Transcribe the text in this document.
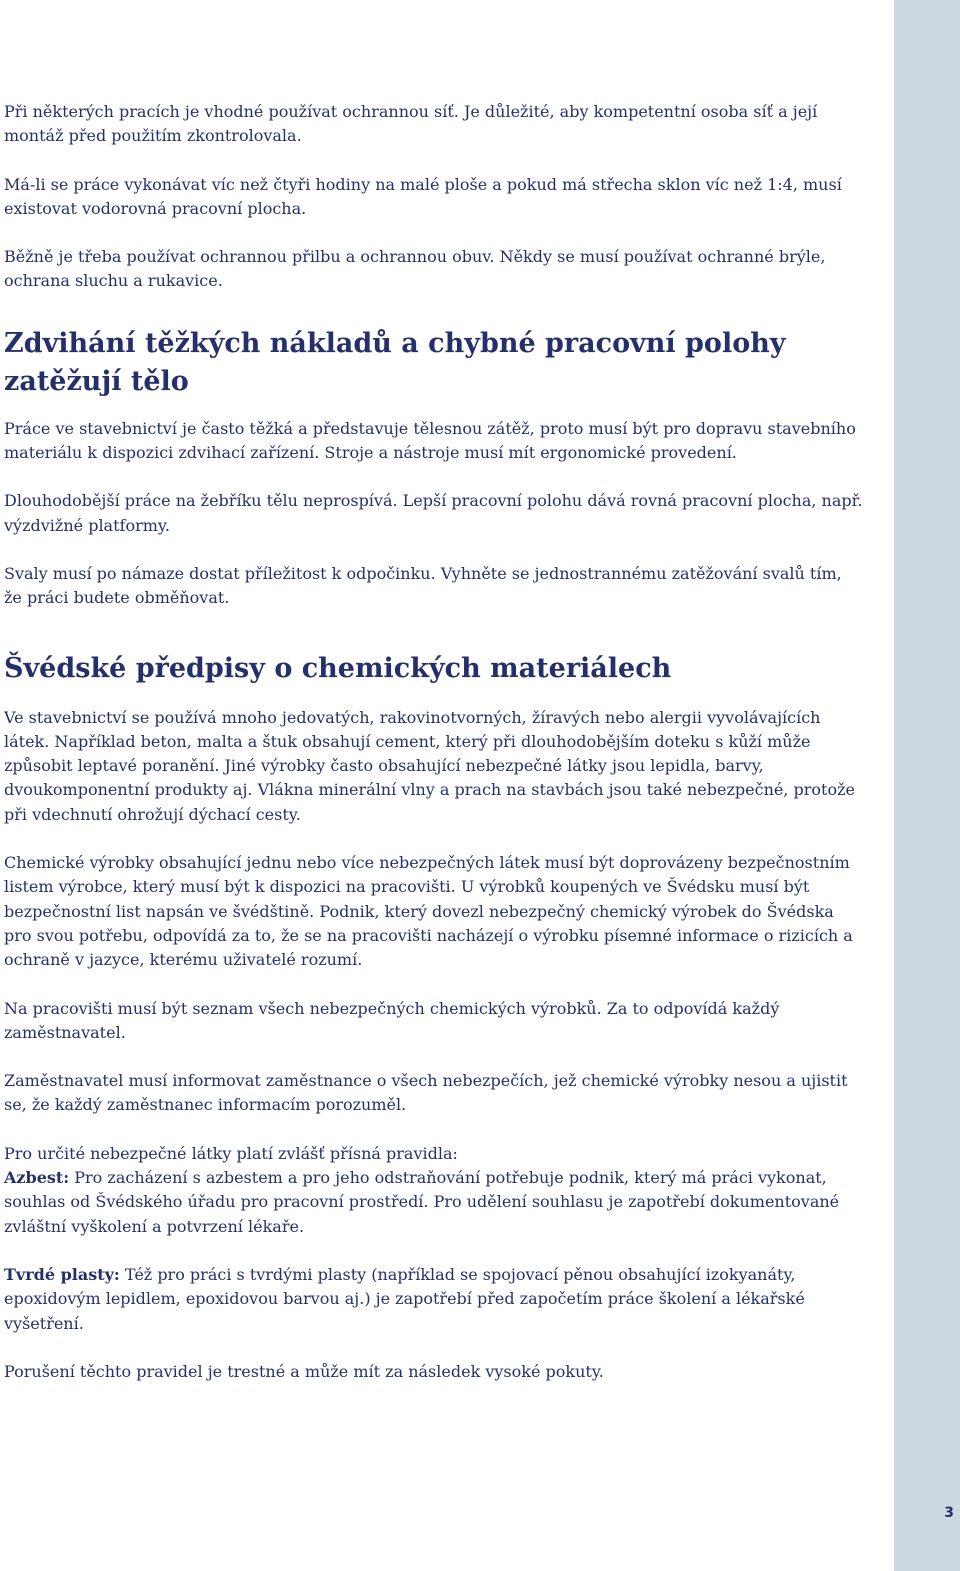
Při některých pracích je vhodné používat ochrannou síť. Je důležité, aby kompetentní osoba síť a její montáž před použitím zkontrolovala.

Má-li se práce vykonávat víc než čtyři hodiny na malé ploše a pokud má střecha sklon víc než 1:4, musí existovat vodorovná pracovní plocha.

Běžně je třeba používat ochrannou přilbu a ochrannou obuv. Někdy se musí používat ochranné brýle, ochrana sluchu a rukavice.

Zdvihání těžkých nákladů a chybné pracovní polohy zatěžují tělo

Práce ve stavebnictví je často těžká a představuje tělesnou zátěž, proto musí být pro dopravu stavebního materiálu k dispozici zdvihací zařízení. Stroje a nástroje musí mít ergonomické provedení.

Dlouhodobější práce na žebříku tělu neprospívá. Lepší pracovní polohu dává rovná pracovní plocha, např. výzdvižné platformy.

Svaly musí po námaze dostat příležitost k odpočinku. Vyhněte se jednostrannému zatěžování svalů tím, že práci budete obměňovat.

Švédské předpisy o chemických materiálech

Ve stavebnictví se používá mnoho jedovatých, rakovinotvorných, žíravých nebo alergii vyvolávajících látek. Například beton, malta a štuk obsahují cement, který při dlouhodobějším doteku s kůží může způsobit leptavé poranění. Jiné výrobky často obsahující nebezpečné látky jsou lepidla, barvy, dvoukomponentní produkty aj. Vlákna minerální vlny a prach na stavbách jsou také nebezpečné, protože při vdechnutí ohrožují dýchací cesty.

Chemické výrobky obsahující jednu nebo více nebezpečných látek musí být doprovázeny bezpečnostním listem výrobce, který musí být k dispozici na pracovišti. U výrobků koupených ve Švédsku musí být bezpečnostní list napsán ve švédštině. Podnik, který dovezl nebezpečný chemický výrobek do Švédska pro svou potřebu, odpovídá za to, že se na pracovišti nacházejí o výrobku písemné informace o rizicích a ochraně v jazyce, kterému uživatelé rozumí.

Na pracovišti musí být seznam všech nebezpečných chemických výrobků. Za to odpovídá každý zaměstnavatel.

Zaměstnavatel musí informovat zaměstnance o všech nebezpečích, jež chemické výrobky nesou a ujistit se, že každý zaměstnanec informacím porozuměl.

Pro určité nebezpečné látky platí zvlášť přísná pravidla:
Azbest: Pro zacházení s azbestem a pro jeho odstraňování potřebuje podnik, který má práci vykonat, souhlas od Švédského úřadu pro pracovní prostředí. Pro udělení souhlasu je zapotřebí dokumentované zvláštní vyškolení a potvrzení lékaře.

Tvrdé plasty: Též pro práci s tvrdými plasty (například se spojovací pěnou obsahující izokyanáty, epoxidovým lepidlem, epoxidovou barvou aj.) je zapotřebí před započetím práce školení a lékařské vyšetření.

Porušení těchto pravidel je trestné a může mít za následek vysoké pokuty.

3
